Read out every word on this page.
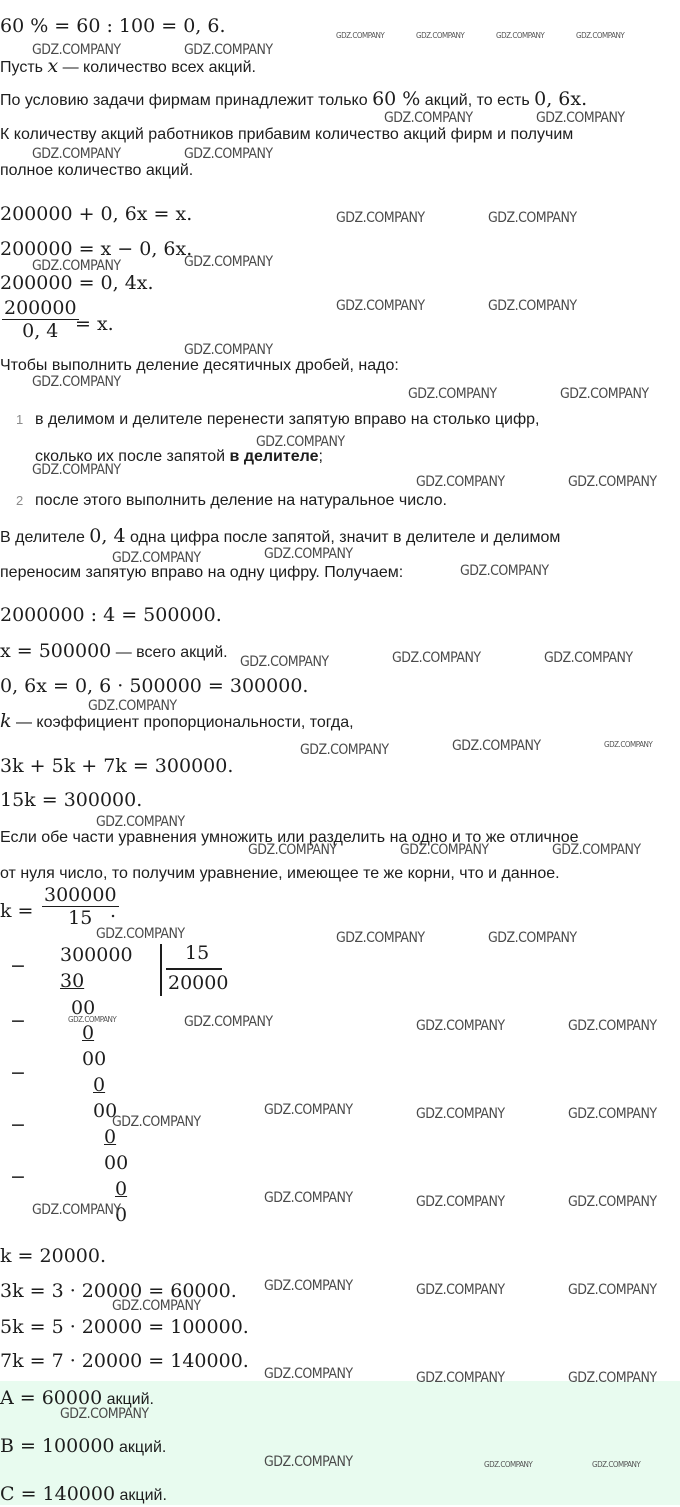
60 % = 60 : 100 = 0, 6.
Пусть x — количество всех акций.
По условию задачи фирмам принадлежит только 60 % акций, то есть 0, 6x.
К количеству акций работников прибавим количество акций фирм и получим
полное количество акций.
200000 + 0, 6x = x.
200000 = x − 0, 6x.
200000 = 0, 4x.
$\frac{200000}{0, 4}$
= x.
Чтобы выполнить деление десятичных дробей, надо:
1 в делимом и делителе перенести запятую вправо на столько цифр,
сколько их после запятой в делителе;
2 после этого выполнить деление на натуральное число.
В делителе 0, 4 одна цифра после запятой, значит в делителе и делимом
переносим запятую вправо на одну цифру. Получаем:
2000000 : 4 = 500000.
x = 500000 — всего акций.
0, 6x = 0, 6 · 500000 = 300000.
k — коэффициент пропорциональности, тогда,
3k + 5k + 7k = 300000.
15k = 300000.
Если обе части уравнения умножить или разделить на одно и то же отличное
от нуля число, то получим уравнение, имеющее те же корни, что и данное.
$k = \frac{300000}{15}$
.
− 300000	15
20000
30
00
−
0
00
−
0
00
−
0
00
−
0
0
k = 20000.
3k = 3 · 20000 = 60000.
5k = 5 · 20000 = 100000.
7k = 7 · 20000 = 140000.
A = 60000 акций.
B = 100000 акций.
C = 140000 акций.
GDZ.COMPANY	GDZ.COMPANY	GDZ.COMPANY	GDZ.COMPANY
GDZ.COMPANY	GDZ.COMPANY
GDZ.COMPANY	GDZ.COMPANY
GDZ.COMPANY	GDZ.COMPANY
GDZ.COMPANY	GDZ.COMPANY
GDZ.COMPANY
GDZ.COMPANY
GDZ.COMPANY	GDZ.COMPANY
GDZ.COMPANY
GDZ.COMPANY
GDZ.COMPANY	GDZ.COMPANY
GDZ.COMPANY
GDZ.COMPANY
GDZ.COMPANY	GDZ.COMPANY
GDZ.COMPANY
GDZ.COMPANY
GDZ.COMPANY
GDZ.COMPANY	GDZ.COMPANY
GDZ.COMPANY
GDZ.COMPANY
GDZ.COMPANY
GDZ.COMPANY
GDZ.COMPANY
GDZ.COMPANY
GDZ.COMPANY	GDZ.COMPANY	GDZ.COMPANY
GDZ.COMPANY	GDZ.COMPANY	GDZ.COMPANY
GDZ.COMPANY	GDZ.COMPANY	GDZ.COMPANY	GDZ.COMPANY
GDZ.COMPANY	GDZ.COMPANY	GDZ.COMPANY
GDZ.COMPANY
GDZ.COMPANY	GDZ.COMPANY	GDZ.COMPANY
GDZ.COMPANY
GDZ.COMPANY	GDZ.COMPANY	GDZ.COMPANY
GDZ.COMPANY
GDZ.COMPANY	GDZ.COMPANY	GDZ.COMPANY
GDZ.COMPANY
GDZ.COMPANY	GDZ.COMPANY	GDZ.COMPANY
